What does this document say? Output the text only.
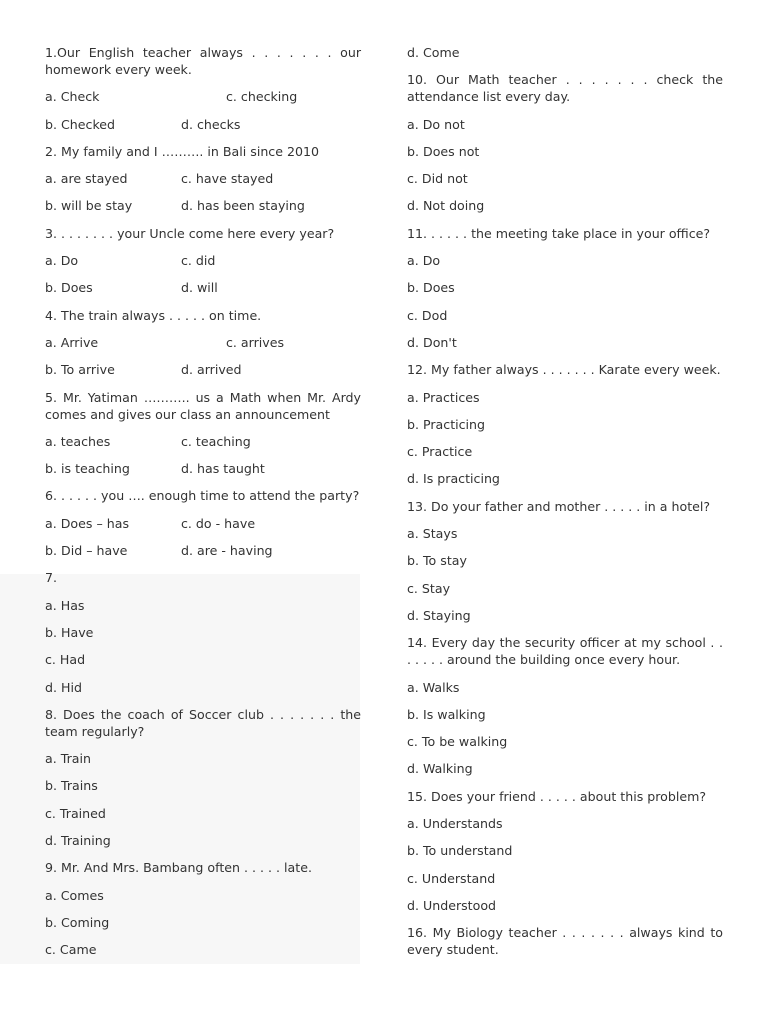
1.Our English teacher always . . . . . . . our homework every week.

a. Check	c. checking
b. Checked	d. checks

2. My family and I ………. in Bali since 2010

a. are stayed	c. have stayed
b. will be stay	d. has been staying

3. . . . . . . . your Uncle come here every year?

a. Do	c. did
b. Does	d. will

4. The train always . . . . . on time.

a. Arrive	c. arrives
b. To arrive	d. arrived

5. Mr. Yatiman ……….. us a Math when Mr. Ardy comes and gives our class an announcement

a. teaches	c. teaching
b. is teaching	d. has taught

6. . . . . . you …. enough time to attend the party?

a. Does – has	c. do - have
b. Did – have	d. are - having

7.

a. Has

b. Have

c. Had

d. Hid

8. Does the coach of Soccer club . . . . . . . the team regularly?

a. Train

b. Trains

c. Trained

d. Training

9. Mr. And Mrs. Bambang often . . . . . late.

a. Comes

b. Coming

c. Came

d. Come

10. Our Math teacher . . . . . . . check the attendance list every day.

a. Do not

b. Does not

c. Did not

d. Not doing

11. . . . . . the meeting take place in your office?

a. Do

b. Does

c. Dod

d. Don't

12. My father always . . . . . . . Karate every week.

a. Practices

b. Practicing

c. Practice

d. Is practicing

13. Do your father and mother . . . . . in a hotel?

a. Stays

b. To stay

c. Stay

d. Staying

14. Every day the security officer at my school . . . . . . . around the building once every hour.

a. Walks

b. Is walking

c. To be walking

d. Walking

15. Does your friend . . . . . about this problem?

a. Understands

b. To understand

c. Understand

d. Understood

16. My Biology teacher . . . . . . . always kind to every student.
